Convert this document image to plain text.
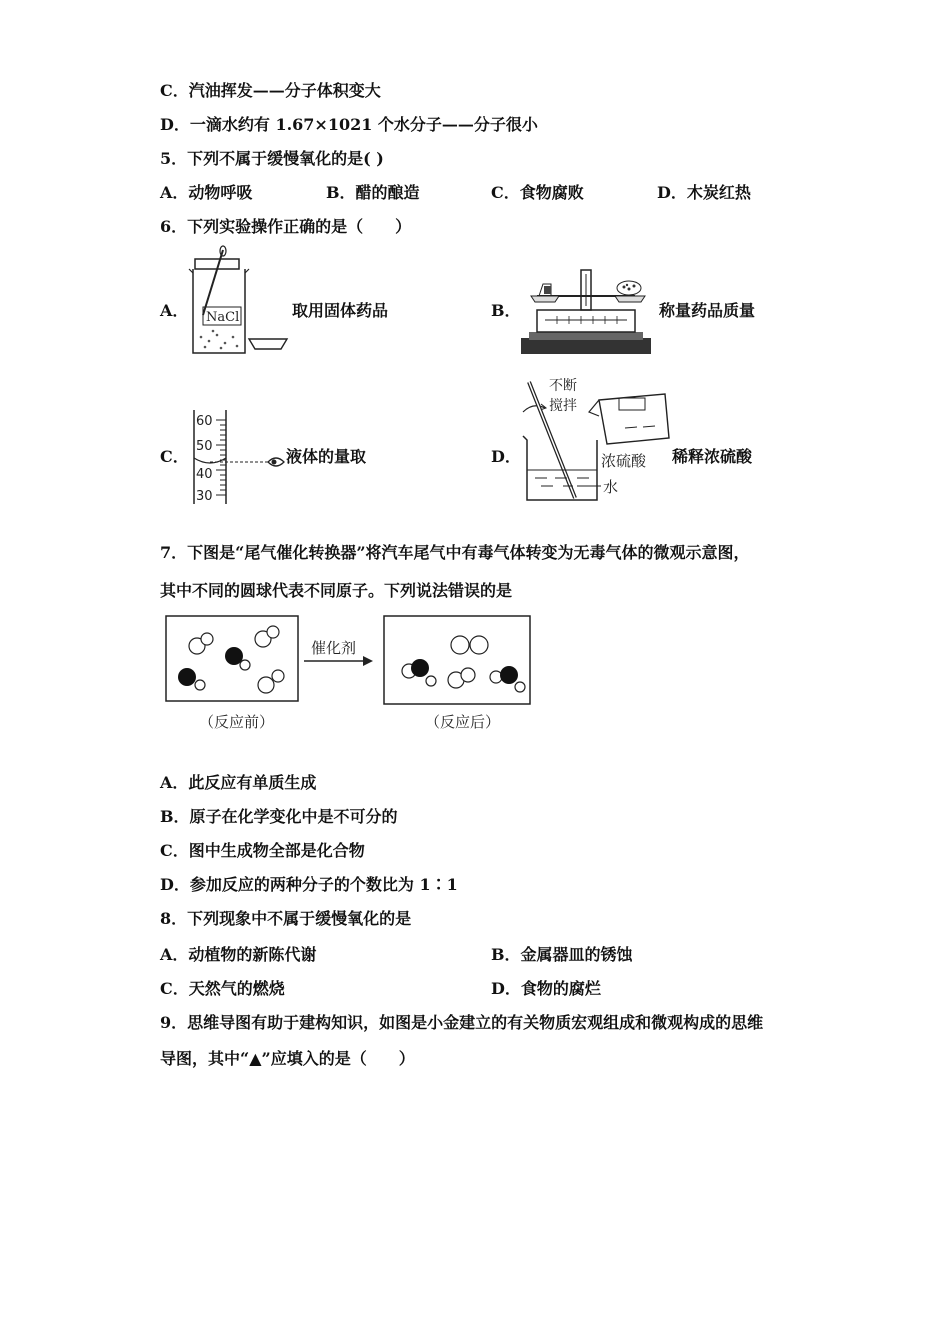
C．汽油挥发——分子体积变大
D．一滴水约有 1.67×1021 个水分子——分子很小
5．下列不属于缓慢氧化的是( )
A．动物呼吸	B．醋的酿造	C．食物腐败	D．木炭红热
6．下列实验操作正确的是（　　）
A．	取用固体药品
NaCl	B．	称量药品质量
C．
60
50
40
30
液体的量取	D．
不断
搅拌
浓硫酸
水
稀释浓硫酸
7．下图是“尾气催化转换器”将汽车尾气中有毒气体转变为无毒气体的微观示意图，
其中不同的圆球代表不同原子。下列说法错误的是
催化剂
（反应前）	（反应后）
A．此反应有单质生成
B．原子在化学变化中是不可分的
C．图中生成物全部是化合物
D．参加反应的两种分子的个数比为 1∶1
8．下列现象中不属于缓慢氧化的是
A．动植物的新陈代谢	B．金属器皿的锈蚀
C．天然气的燃烧	D．食物的腐烂
9．思维导图有助于建构知识，如图是小金建立的有关物质宏观组成和微观构成的思维
导图，其中“▲”应填入的是（　　）
